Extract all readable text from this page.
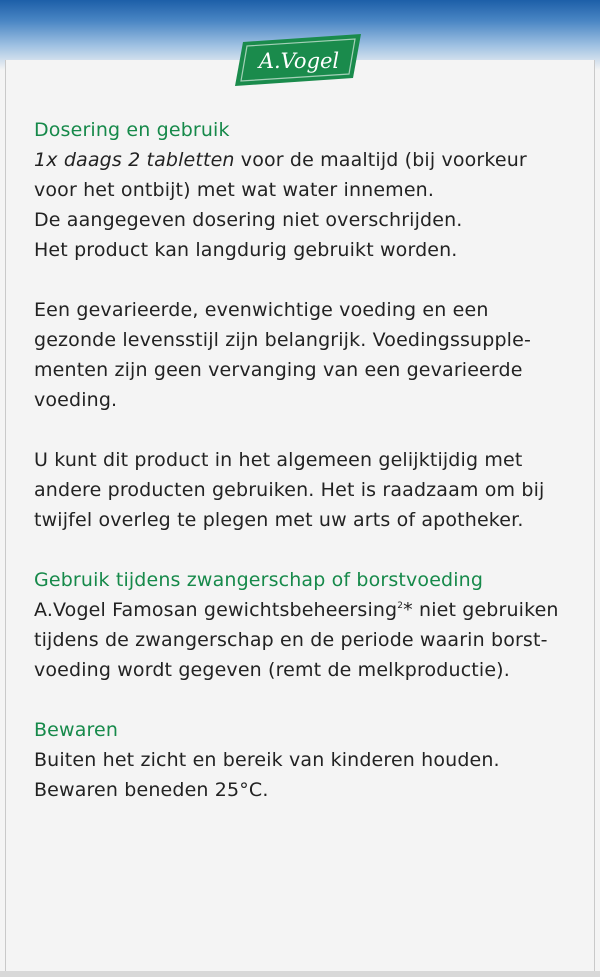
A.Vogel
Dosering en gebruik

1x daags 2 tabletten voor de maaltijd (bij voorkeur

voor het ontbijt) met wat water innemen.

De aangegeven dosering niet overschrijden.

Het product kan langdurig gebruikt worden.

Een gevarieerde, evenwichtige voeding en een

gezonde levensstijl zijn belangrijk. Voedingssupple-

menten zijn geen vervanging van een gevarieerde

voeding.

U kunt dit product in het algemeen gelijktijdig met

andere producten gebruiken. Het is raadzaam om bij

twijfel overleg te plegen met uw arts of apotheker.

Gebruik tijdens zwangerschap of borstvoeding

A.Vogel Famosan gewichtsbeheersing$^2$* niet gebruiken

tijdens de zwangerschap en de periode waarin borst-

voeding wordt gegeven (remt de melkproductie).

Bewaren

Buiten het zicht en bereik van kinderen houden.

Bewaren beneden 25°C.
